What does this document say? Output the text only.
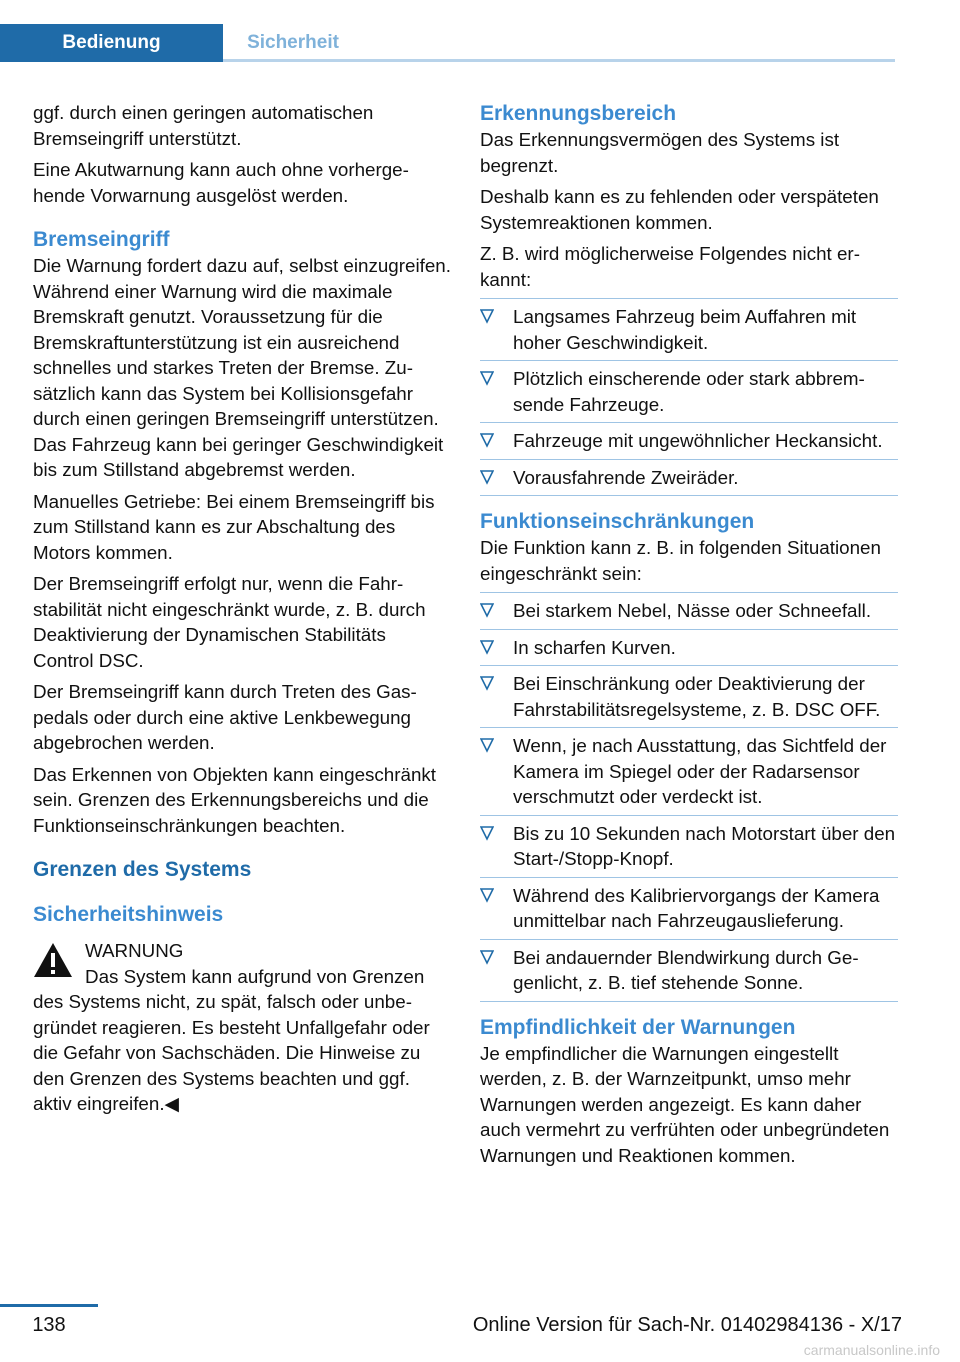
Bedienung	Sicherheit

ggf. durch einen geringen automatischen Bremseingriff unterstützt.

Eine Akutwarnung kann auch ohne vorhergehende Vorwarnung ausgelöst werden.

Bremseingriff

Die Warnung fordert dazu auf, selbst einzugreifen. Während einer Warnung wird die maximale Bremskraft genutzt. Voraussetzung für die Bremskraftunterstützung ist ein ausreichend schnelles und starkes Treten der Bremse. Zusätzlich kann das System bei Kollisionsgefahr durch einen geringen Bremseingriff unterstützen. Das Fahrzeug kann bei geringer Geschwindigkeit bis zum Stillstand abgebremst werden.

Manuelles Getriebe: Bei einem Bremseingriff bis zum Stillstand kann es zur Abschaltung des Motors kommen.

Der Bremseingriff erfolgt nur, wenn die Fahrstabilität nicht eingeschränkt wurde, z. B. durch Deaktivierung der Dynamischen Stabilitäts Control DSC.

Der Bremseingriff kann durch Treten des Gaspedals oder durch eine aktive Lenkbewegung abgebrochen werden.

Das Erkennen von Objekten kann eingeschränkt sein. Grenzen des Erkennungsbereichs und die Funktionseinschränkungen beachten.

Grenzen des Systems
Sicherheitshinweis

WARNUNG

Das System kann aufgrund von Grenzen

des Systems nicht, zu spät, falsch oder unbegründet reagieren. Es besteht Unfallgefahr oder die Gefahr von Sachschäden. Die Hinweise zu den Grenzen des Systems beachten und ggf. aktiv eingreifen.◀

Erkennungsbereich

Das Erkennungsvermögen des Systems ist begrenzt.

Deshalb kann es zu fehlenden oder verspäteten Systemreaktionen kommen.

Z. B. wird möglicherweise Folgendes nicht erkannt:

Langsames Fahrzeug beim Auffahren mit hoher Geschwindigkeit.
Plötzlich einscherende oder stark abbremsende Fahrzeuge.
Fahrzeuge mit ungewöhnlicher Heckansicht.
Vorausfahrende Zweiräder.
Funktionseinschränkungen

Die Funktion kann z. B. in folgenden Situationen eingeschränkt sein:

Bei starkem Nebel, Nässe oder Schneefall.
In scharfen Kurven.
Bei Einschränkung oder Deaktivierung der Fahrstabilitätsregelsysteme, z. B. DSC OFF.
Wenn, je nach Ausstattung, das Sichtfeld der Kamera im Spiegel oder der Radarsensor verschmutzt oder verdeckt ist.
Bis zu 10 Sekunden nach Motorstart über den Start-/Stopp-Knopf.
Während des Kalibriervorgangs der Kamera unmittelbar nach Fahrzeugauslieferung.
Bei andauernder Blendwirkung durch Gegenlicht, z. B. tief stehende Sonne.
Empfindlichkeit der Warnungen

Je empfindlicher die Warnungen eingestellt werden, z. B. der Warnzeitpunkt, umso mehr Warnungen werden angezeigt. Es kann daher auch vermehrt zu verfrühten oder unbegründeten Warnungen und Reaktionen kommen.

138	Online Version für Sach-Nr. 01402984136 - X/17
carmanualsonline.info
